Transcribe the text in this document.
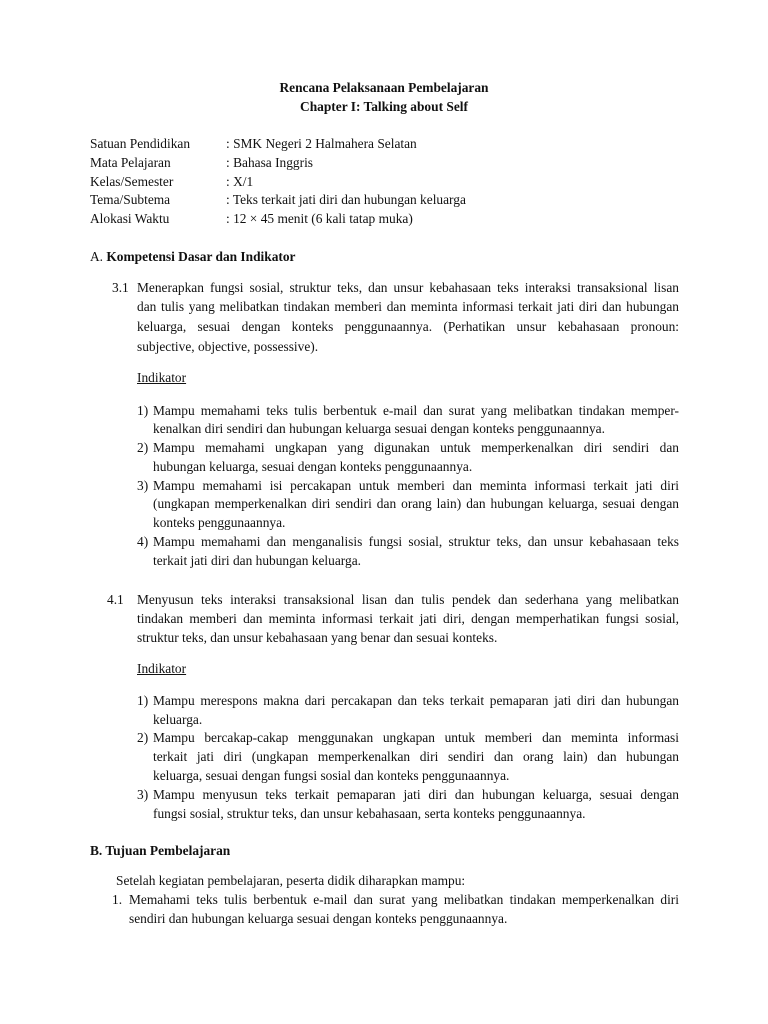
Rencana Pelaksanaan Pembelajaran
Chapter I: Talking about Self
Satuan Pendidikan	: SMK Negeri 2 Halmahera Selatan
Mata Pelajaran	: Bahasa Inggris
Kelas/Semester	: X/1
Tema/Subtema	: Teks terkait jati diri dan hubungan keluarga
Alokasi Waktu	: 12 × 45 menit (6 kali tatap muka)
A. Kompetensi Dasar dan Indikator
3.1 Menerapkan fungsi sosial, struktur teks, dan unsur kebahasaan teks interaksi transaksional lisan
dan tulis yang melibatkan tindakan memberi dan meminta informasi terkait jati diri dan hubungan
keluarga, sesuai dengan konteks penggunaannya. (Perhatikan unsur kebahasaan pronoun:
subjective, objective, possessive).
Indikator
1) Mampu memahami teks tulis berbentuk e-mail dan surat yang melibatkan tindakan memper-
kenalkan diri sendiri dan hubungan keluarga sesuai dengan konteks penggunaannya.
2) Mampu memahami ungkapan yang digunakan untuk memperkenalkan diri sendiri dan
hubungan keluarga, sesuai dengan konteks penggunaannya.
3) Mampu memahami isi percakapan untuk memberi dan meminta informasi terkait jati diri
(ungkapan memperkenalkan diri sendiri dan orang lain) dan hubungan keluarga, sesuai dengan
konteks penggunaannya.
4) Mampu memahami dan menganalisis fungsi sosial, struktur teks, dan unsur kebahasaan teks
terkait jati diri dan hubungan keluarga.
4.1 Menyusun teks interaksi transaksional lisan dan tulis pendek dan sederhana yang melibatkan
tindakan memberi dan meminta informasi terkait jati diri, dengan memperhatikan fungsi sosial,
struktur teks, dan unsur kebahasaan yang benar dan sesuai konteks.
Indikator
1) Mampu merespons makna dari percakapan dan teks terkait pemaparan jati diri dan hubungan
keluarga.
2) Mampu bercakap-cakap menggunakan ungkapan untuk memberi dan meminta informasi
terkait jati diri (ungkapan memperkenalkan diri sendiri dan orang lain) dan hubungan
keluarga, sesuai dengan fungsi sosial dan konteks penggunaannya.
3) Mampu menyusun teks terkait pemaparan jati diri dan hubungan keluarga, sesuai dengan
fungsi sosial, struktur teks, dan unsur kebahasaan, serta konteks penggunaannya.
B. Tujuan Pembelajaran
Setelah kegiatan pembelajaran, peserta didik diharapkan mampu:
1. Memahami teks tulis berbentuk e-mail dan surat yang melibatkan tindakan memperkenalkan diri
sendiri dan hubungan keluarga sesuai dengan konteks penggunaannya.
